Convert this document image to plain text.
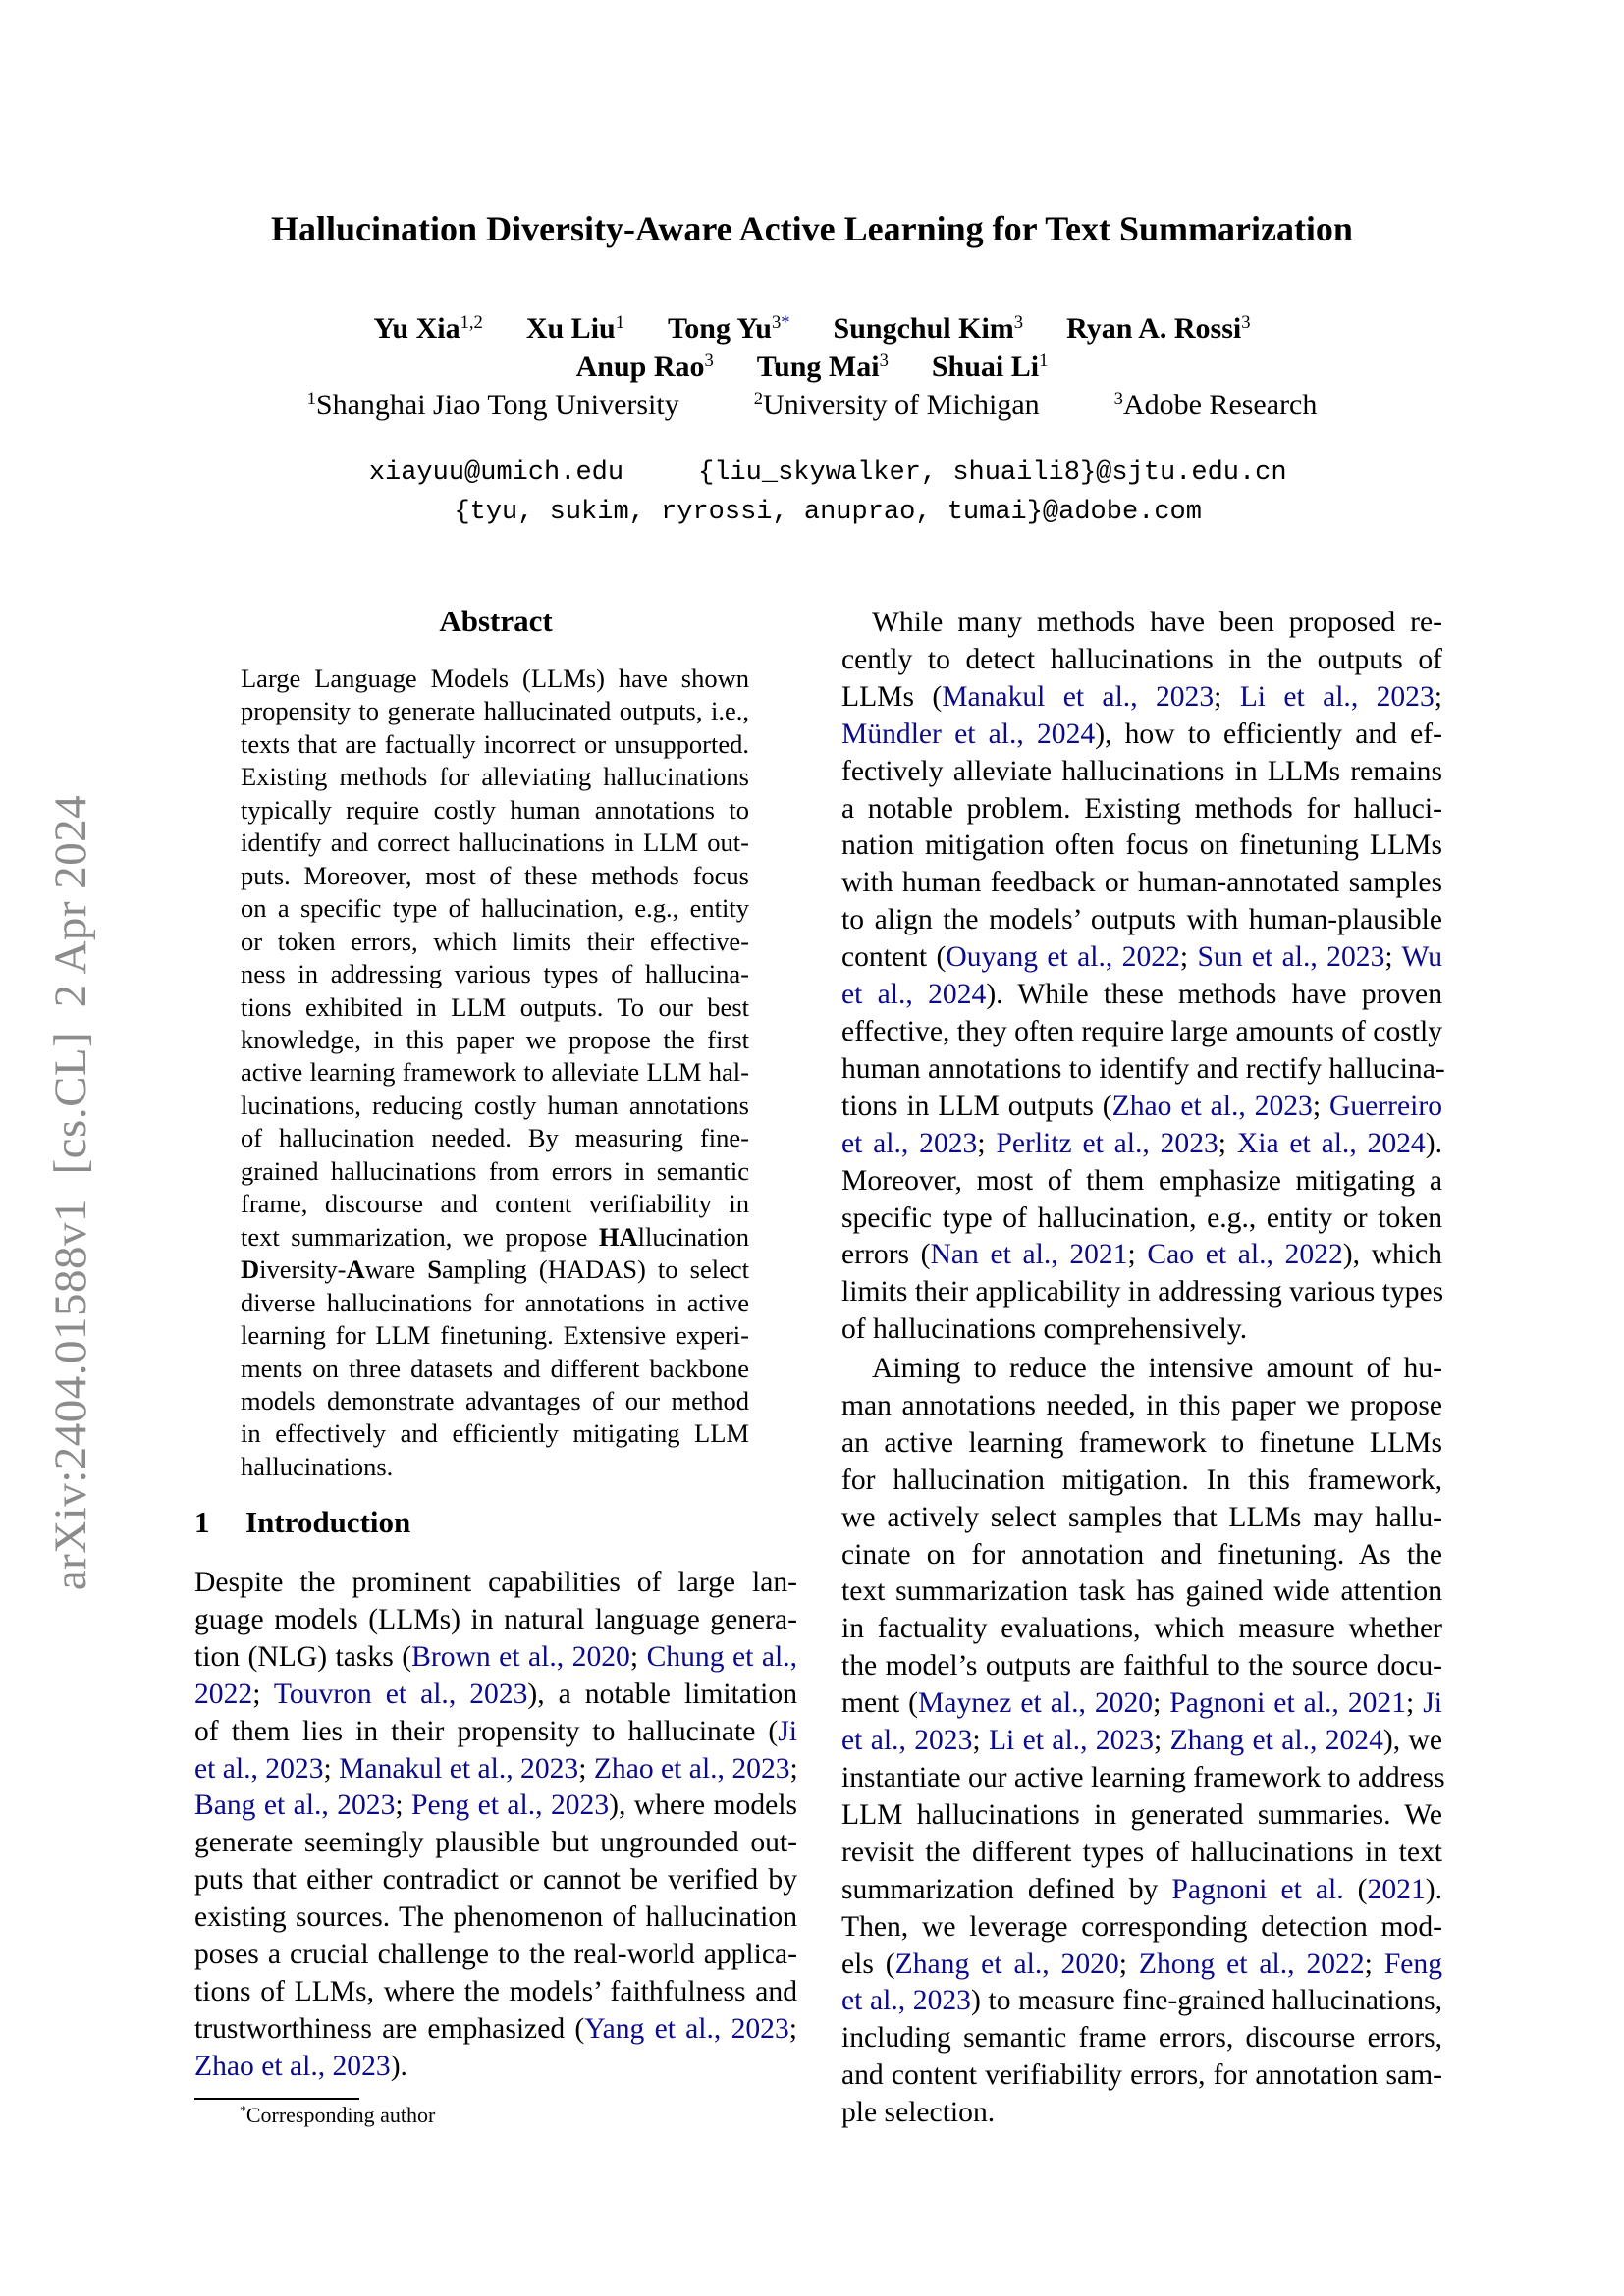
arXiv:2404.01588v1  [cs.CL]  2 Apr 2024
Hallucination Diversity-Aware Active Learning for Text Summarization
Yu Xia$^{1,2}$ Xu Liu$^1$ Tong $Yu^{3*}$ Sungchul Kim$^3$ Ryan A. Rossi$^3$
Anup Rao$^3$ Tung Mai$^3$ Shuai Li$^1$
$^1$Shanghai Jiao Tong University	$^2$University of Michigan	$^3$Adobe Research

xiayuu@umich.edu	{liu_skywalker, shuaili8}@sjtu.edu.cn

{tyu, sukim, ryrossi, anuprao, tumai}@adobe.com

Abstract
Large Language Models (LLMs) have shown
propensity to generate hallucinated outputs, i.e.,
texts that are factually incorrect or unsupported.
Existing methods for alleviating hallucinations
typically require costly human annotations to
identify and correct hallucinations in LLM out-
puts. Moreover, most of these methods focus
on a specific type of hallucination, e.g., entity
or token errors, which limits their effective-
ness in addressing various types of hallucina-
tions exhibited in LLM outputs. To our best
knowledge, in this paper we propose the first
active learning framework to alleviate LLM hal-
lucinations, reducing costly human annotations
of hallucination needed. By measuring fine-
grained hallucinations from errors in semantic
frame, discourse and content verifiability in
text summarization, we propose HAllucination
Diversity-Aware Sampling (HADAS) to select
diverse hallucinations for annotations in active
learning for LLM finetuning. Extensive experi-
ments on three datasets and different backbone
models demonstrate advantages of our method
in effectively and efficiently mitigating LLM
hallucinations.
1 Introduction
Despite the prominent capabilities of large lan-
guage models (LLMs) in natural language genera-
tion (NLG) tasks (Brown et al., 2020; Chung et al.,
2022; Touvron et al., 2023), a notable limitation
of them lies in their propensity to hallucinate (Ji
et al., 2023; Manakul et al., 2023; Zhao et al., 2023;
Bang et al., 2023; Peng et al., 2023), where models
generate seemingly plausible but ungrounded out-
puts that either contradict or cannot be verified by
existing sources. The phenomenon of hallucination
poses a crucial challenge to the real-world applica-
tions of LLMs, where the models’ faithfulness and
trustworthiness are emphasized (Yang et al., 2023;
Zhao et al., 2023).
*Corresponding author
While many methods have been proposed re-
cently to detect hallucinations in the outputs of
LLMs (Manakul et al., 2023; Li et al., 2023;
Mündler et al., 2024), how to efficiently and ef-
fectively alleviate hallucinations in LLMs remains
a notable problem. Existing methods for halluci-
nation mitigation often focus on finetuning LLMs
with human feedback or human-annotated samples
to align the models’ outputs with human-plausible
content (Ouyang et al., 2022; Sun et al., 2023; Wu
et al., 2024). While these methods have proven
effective, they often require large amounts of costly
human annotations to identify and rectify hallucina-
tions in LLM outputs (Zhao et al., 2023; Guerreiro
et al., 2023; Perlitz et al., 2023; Xia et al., 2024).
Moreover, most of them emphasize mitigating a
specific type of hallucination, e.g., entity or token
errors (Nan et al., 2021; Cao et al., 2022), which
limits their applicability in addressing various types
of hallucinations comprehensively.
Aiming to reduce the intensive amount of hu-
man annotations needed, in this paper we propose
an active learning framework to finetune LLMs
for hallucination mitigation. In this framework,
we actively select samples that LLMs may hallu-
cinate on for annotation and finetuning. As the
text summarization task has gained wide attention
in factuality evaluations, which measure whether
the model’s outputs are faithful to the source docu-
ment (Maynez et al., 2020; Pagnoni et al., 2021; Ji
et al., 2023; Li et al., 2023; Zhang et al., 2024), we
instantiate our active learning framework to address
LLM hallucinations in generated summaries. We
revisit the different types of hallucinations in text
summarization defined by Pagnoni et al. (2021).
Then, we leverage corresponding detection mod-
els (Zhang et al., 2020; Zhong et al., 2022; Feng
et al., 2023) to measure fine-grained hallucinations,
including semantic frame errors, discourse errors,
and content verifiability errors, for annotation sam-
ple selection.
